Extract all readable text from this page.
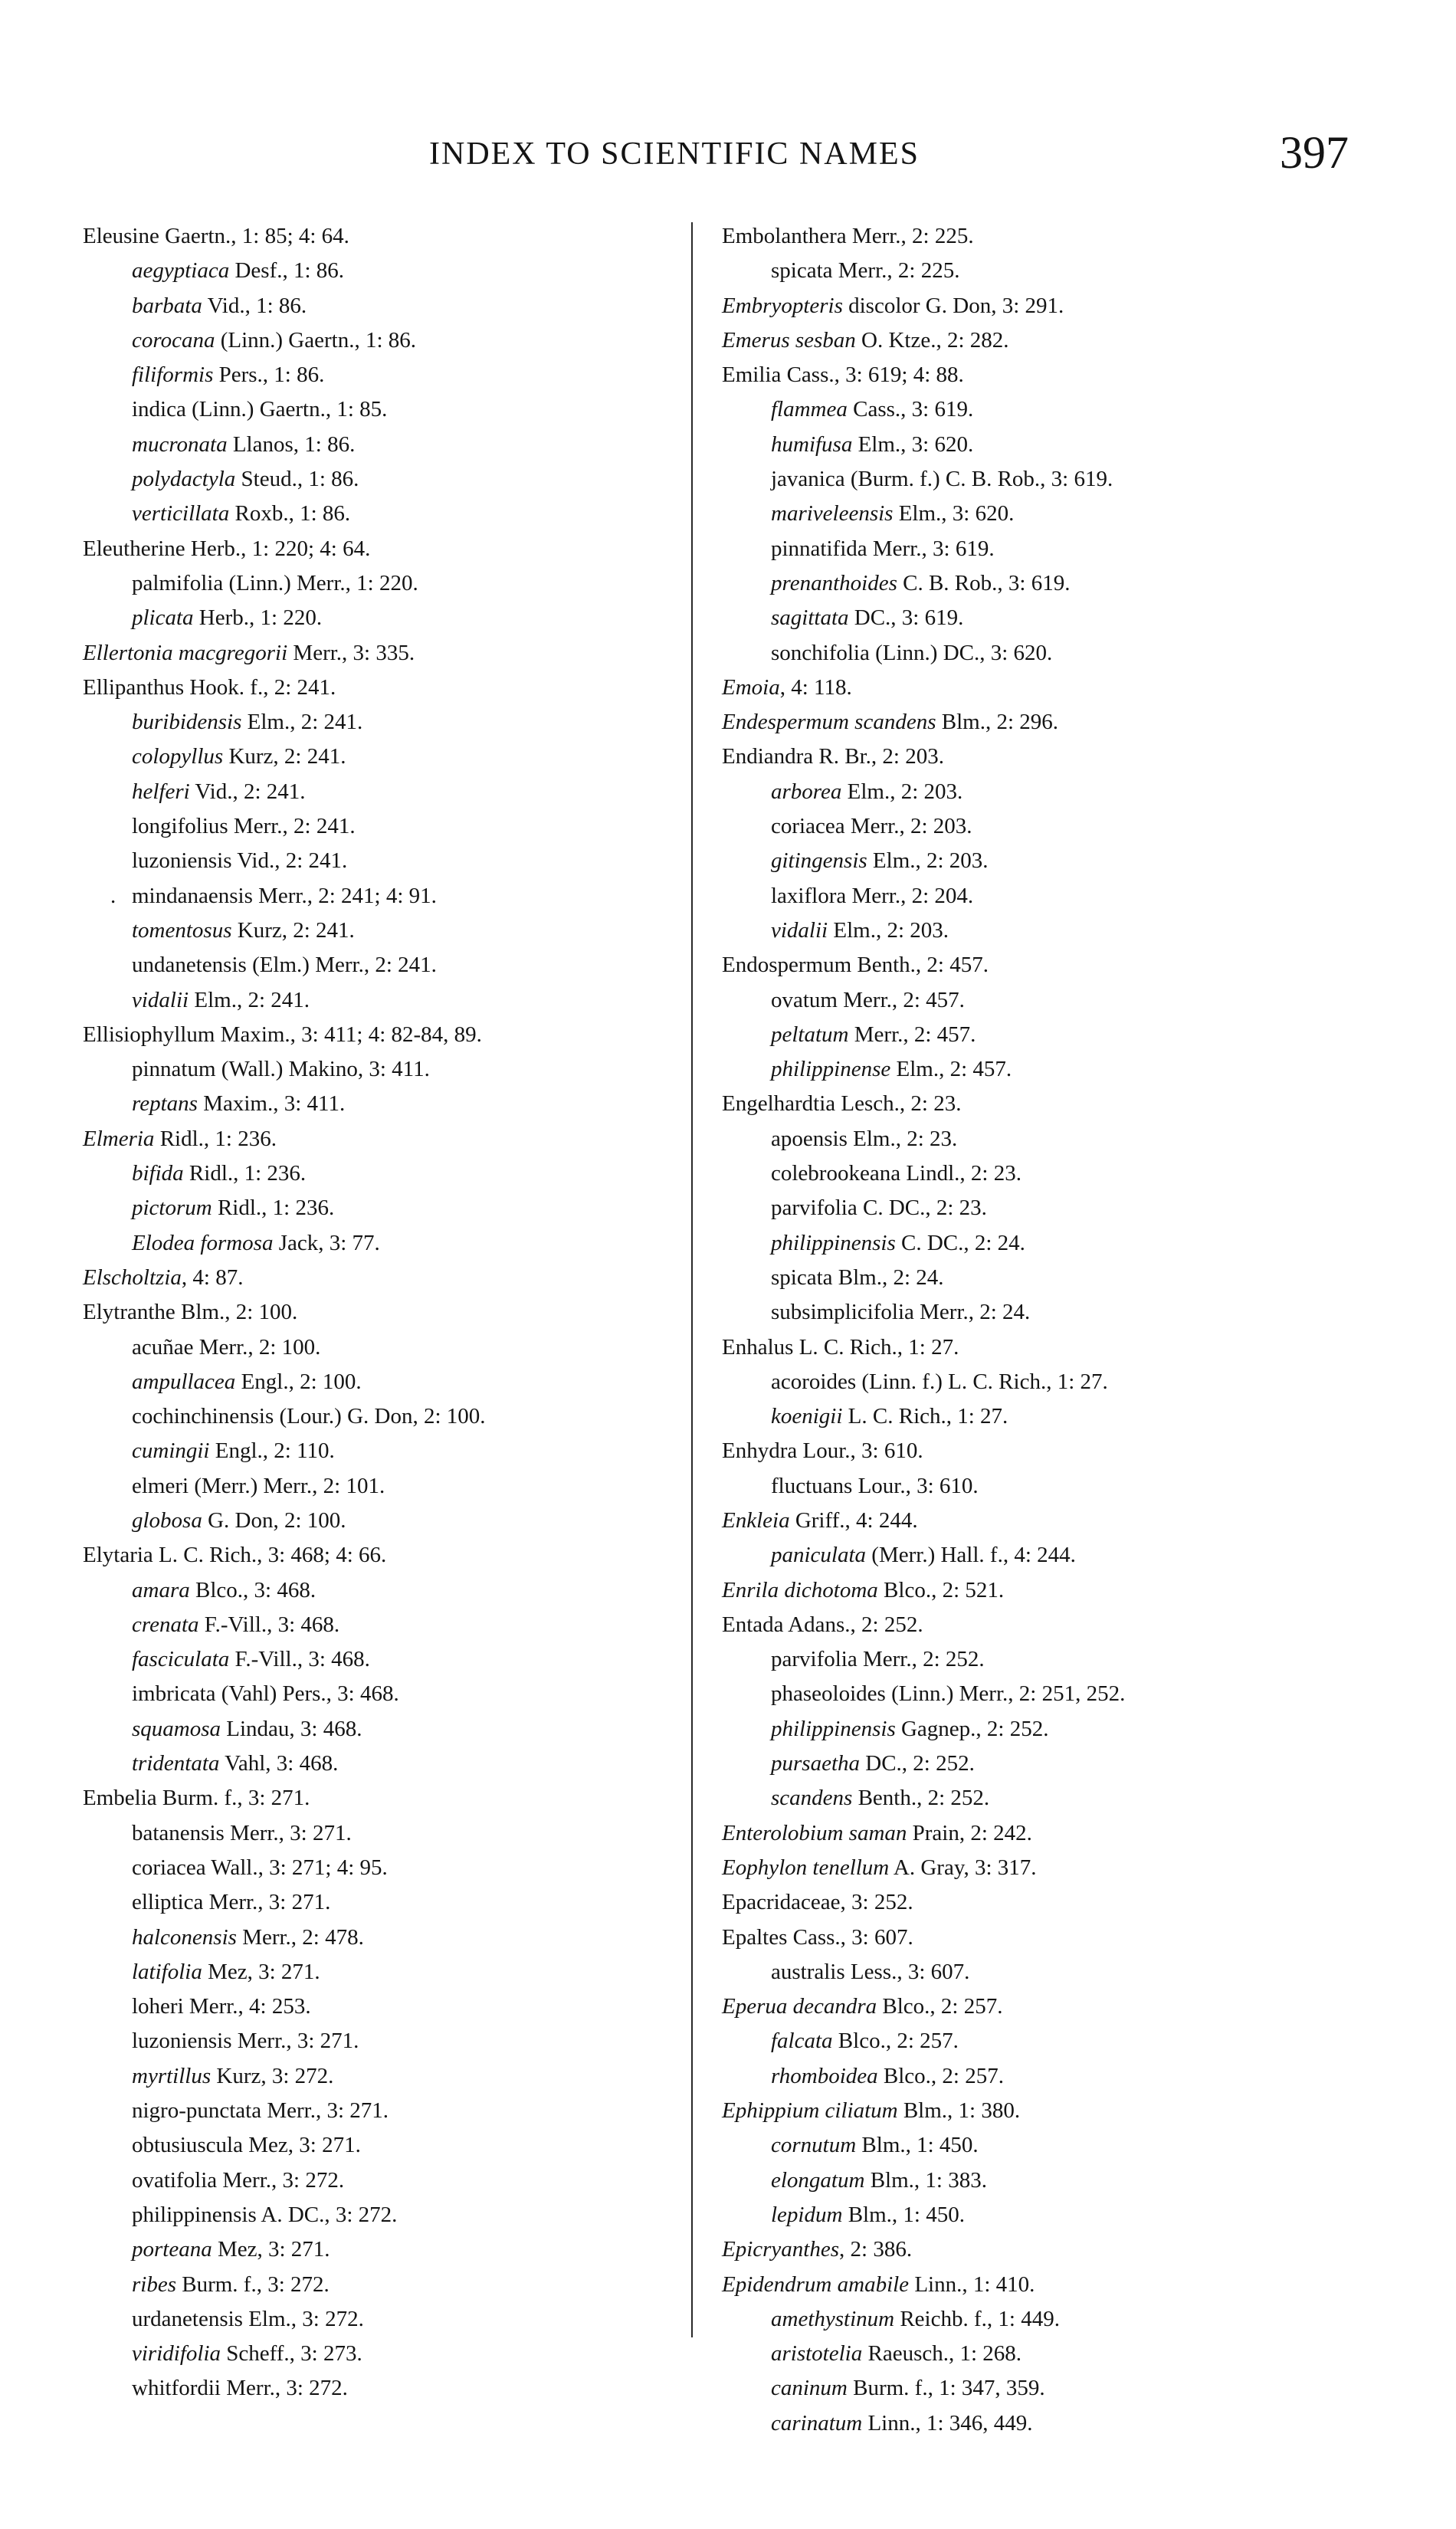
INDEX TO SCIENTIFIC NAMES	397
Eleusine Gaertn., 1: 85; 4: 64.
aegyptiaca Desf., 1: 86.
barbata Vid., 1: 86.
corocana (Linn.) Gaertn., 1: 86.
filiformis Pers., 1: 86.
indica (Linn.) Gaertn., 1: 85.
mucronata Llanos, 1: 86.
polydactyla Steud., 1: 86.
verticillata Roxb., 1: 86.
Eleutherine Herb., 1: 220; 4: 64.
palmifolia (Linn.) Merr., 1: 220.
plicata Herb., 1: 220.
Ellertonia macgregorii Merr., 3: 335.
Ellipanthus Hook. f., 2: 241.
buribidensis Elm., 2: 241.
colopyllus Kurz, 2: 241.
helferi Vid., 2: 241.
longifolius Merr., 2: 241.
luzoniensis Vid., 2: 241.
. mindanaensis Merr., 2: 241; 4: 91.
tomentosus Kurz, 2: 241.
undanetensis (Elm.) Merr., 2: 241.
vidalii Elm., 2: 241.
Ellisiophyllum Maxim., 3: 411; 4: 82-84, 89.
pinnatum (Wall.) Makino, 3: 411.
reptans Maxim., 3: 411.
Elmeria Ridl., 1: 236.
bifida Ridl., 1: 236.
pictorum Ridl., 1: 236.
Elodea formosa Jack, 3: 77.
Elscholtzia, 4: 87.
Elytranthe Blm., 2: 100.
acuñae Merr., 2: 100.
ampullacea Engl., 2: 100.
cochinchinensis (Lour.) G. Don, 2: 100.
cumingii Engl., 2: 110.
elmeri (Merr.) Merr., 2: 101.
globosa G. Don, 2: 100.
Elytaria L. C. Rich., 3: 468; 4: 66.
amara Blco., 3: 468.
crenata F.-Vill., 3: 468.
fasciculata F.-Vill., 3: 468.
imbricata (Vahl) Pers., 3: 468.
squamosa Lindau, 3: 468.
tridentata Vahl, 3: 468.
Embelia Burm. f., 3: 271.
batanensis Merr., 3: 271.
coriacea Wall., 3: 271; 4: 95.
elliptica Merr., 3: 271.
halconensis Merr., 2: 478.
latifolia Mez, 3: 271.
loheri Merr., 4: 253.
luzoniensis Merr., 3: 271.
myrtillus Kurz, 3: 272.
nigro-punctata Merr., 3: 271.
obtusiuscula Mez, 3: 271.
ovatifolia Merr., 3: 272.
philippinensis A. DC., 3: 272.
porteana Mez, 3: 271.
ribes Burm. f., 3: 272.
urdanetensis Elm., 3: 272.
viridifolia Scheff., 3: 273.
whitfordii Merr., 3: 272.
Embolanthera Merr., 2: 225.
spicata Merr., 2: 225.
Embryopteris discolor G. Don, 3: 291.
Emerus sesban O. Ktze., 2: 282.
Emilia Cass., 3: 619; 4: 88.
flammea Cass., 3: 619.
humifusa Elm., 3: 620.
javanica (Burm. f.) C. B. Rob., 3: 619.
mariveleensis Elm., 3: 620.
pinnatifida Merr., 3: 619.
prenanthoides C. B. Rob., 3: 619.
sagittata DC., 3: 619.
sonchifolia (Linn.) DC., 3: 620.
Emoia, 4: 118.
Endespermum scandens Blm., 2: 296.
Endiandra R. Br., 2: 203.
arborea Elm., 2: 203.
coriacea Merr., 2: 203.
gitingensis Elm., 2: 203.
laxiflora Merr., 2: 204.
vidalii Elm., 2: 203.
Endospermum Benth., 2: 457.
ovatum Merr., 2: 457.
peltatum Merr., 2: 457.
philippinense Elm., 2: 457.
Engelhardtia Lesch., 2: 23.
apoensis Elm., 2: 23.
colebrookeana Lindl., 2: 23.
parvifolia C. DC., 2: 23.
philippinensis C. DC., 2: 24.
spicata Blm., 2: 24.
subsimplicifolia Merr., 2: 24.
Enhalus L. C. Rich., 1: 27.
acoroides (Linn. f.) L. C. Rich., 1: 27.
koenigii L. C. Rich., 1: 27.
Enhydra Lour., 3: 610.
fluctuans Lour., 3: 610.
Enkleia Griff., 4: 244.
paniculata (Merr.) Hall. f., 4: 244.
Enrila dichotoma Blco., 2: 521.
Entada Adans., 2: 252.
parvifolia Merr., 2: 252.
phaseoloides (Linn.) Merr., 2: 251, 252.
philippinensis Gagnep., 2: 252.
pursaetha DC., 2: 252.
scandens Benth., 2: 252.
Enterolobium saman Prain, 2: 242.
Eophylon tenellum A. Gray, 3: 317.
Epacridaceae, 3: 252.
Epaltes Cass., 3: 607.
australis Less., 3: 607.
Eperua decandra Blco., 2: 257.
falcata Blco., 2: 257.
rhomboidea Blco., 2: 257.
Ephippium ciliatum Blm., 1: 380.
cornutum Blm., 1: 450.
elongatum Blm., 1: 383.
lepidum Blm., 1: 450.
Epicryanthes, 2: 386.
Epidendrum amabile Linn., 1: 410.
amethystinum Reichb. f., 1: 449.
aristotelia Raeusch., 1: 268.
caninum Burm. f., 1: 347, 359.
carinatum Linn., 1: 346, 449.
